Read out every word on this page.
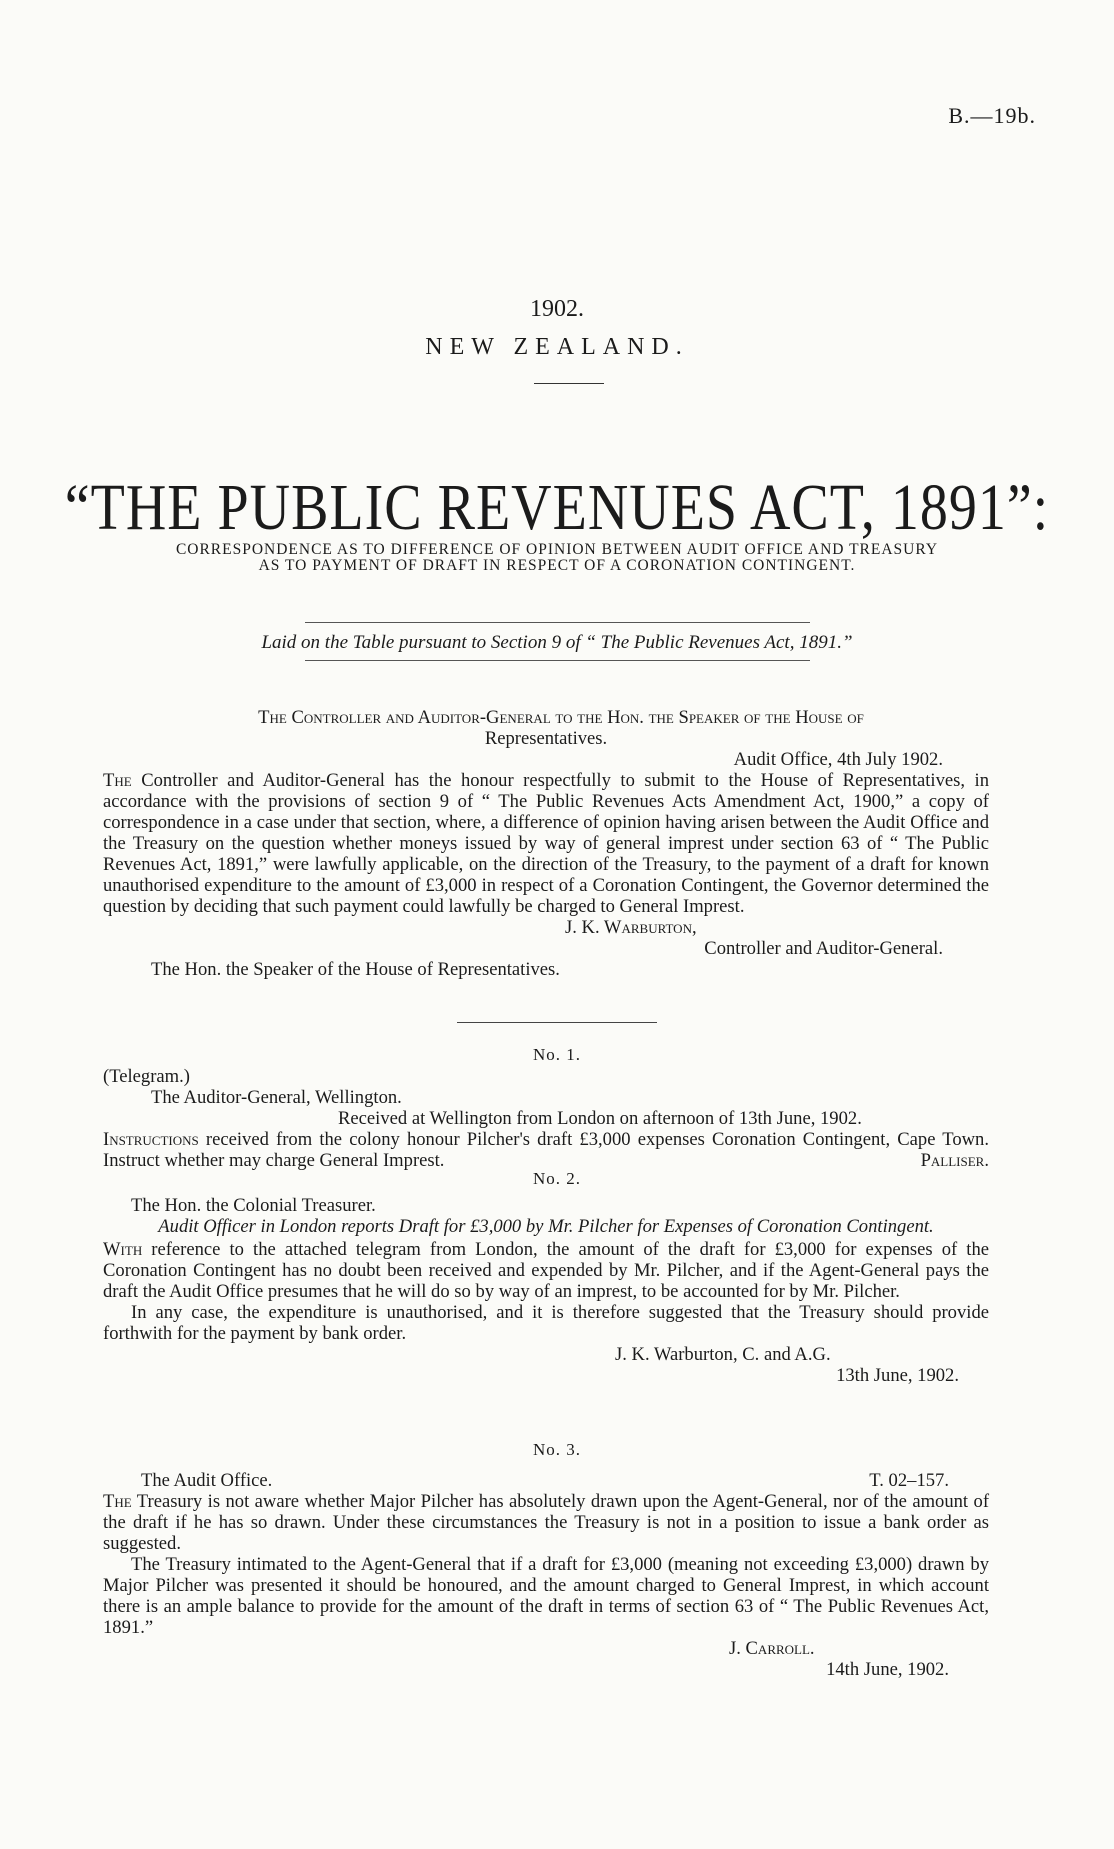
B.—19b.
1902.
NEW ZEALAND.
“THE PUBLIC REVENUES ACT, 1891”:
CORRESPONDENCE AS TO DIFFERENCE OF OPINION BETWEEN AUDIT OFFICE AND TREASURY
AS TO PAYMENT OF DRAFT IN RESPECT OF A CORONATION CONTINGENT.
Laid on the Table pursuant to Section 9 of “ The Public Revenues Act, 1891.”
The Controller and Auditor-General to the Hon. the Speaker of the House of
Representatives.
Audit Office, 4th July 1902.

The Controller and Auditor-General has the honour respectfully to submit to the House of Representatives, in accordance with the provisions of section 9 of “ The Public Revenues Acts Amendment Act, 1900,” a copy of correspondence in a case under that section, where, a difference of opinion having arisen between the Audit Office and the Treasury on the question whether moneys issued by way of general imprest under section 63 of “ The Public Revenues Act, 1891,” were lawfully applicable, on the direction of the Treasury, to the payment of a draft for known unauthorised expenditure to the amount of £3,000 in respect of a Coronation Contingent, the Governor determined the question by deciding that such payment could lawfully be charged to General Imprest.

J. K. Warburton,
Controller and Auditor-General.
The Hon. the Speaker of the House of Representatives.
No. 1.
(Telegram.)
The Auditor-General, Wellington.
Received at Wellington from London on afternoon of 13th June, 1902.

Instructions received from the colony honour Pilcher's draft £3,000 expenses Coronation Contingent, Cape Town. Instruct whether may charge General Imprest.	Palliser.

No. 2.
The Hon. the Colonial Treasurer.
Audit Officer in London reports Draft for £3,000 by Mr. Pilcher for Expenses of Coronation Contingent.

With reference to the attached telegram from London, the amount of the draft for £3,000 for expenses of the Coronation Contingent has no doubt been received and expended by Mr. Pilcher, and if the Agent-General pays the draft the Audit Office presumes that he will do so by way of an imprest, to be accounted for by Mr. Pilcher.

In any case, the expenditure is unauthorised, and it is therefore suggested that the Treasury should provide forthwith for the payment by bank order.

J. K. Warburton, C. and A.G.
13th June, 1902.
No. 3.
The Audit Office.	T. 02–157.

The Treasury is not aware whether Major Pilcher has absolutely drawn upon the Agent-General, nor of the amount of the draft if he has so drawn. Under these circumstances the Treasury is not in a position to issue a bank order as suggested.

The Treasury intimated to the Agent-General that if a draft for £3,000 (meaning not exceeding £3,000) drawn by Major Pilcher was presented it should be honoured, and the amount charged to General Imprest, in which account there is an ample balance to provide for the amount of the draft in terms of section 63 of “ The Public Revenues Act, 1891.”

J. Carroll.
14th June, 1902.
